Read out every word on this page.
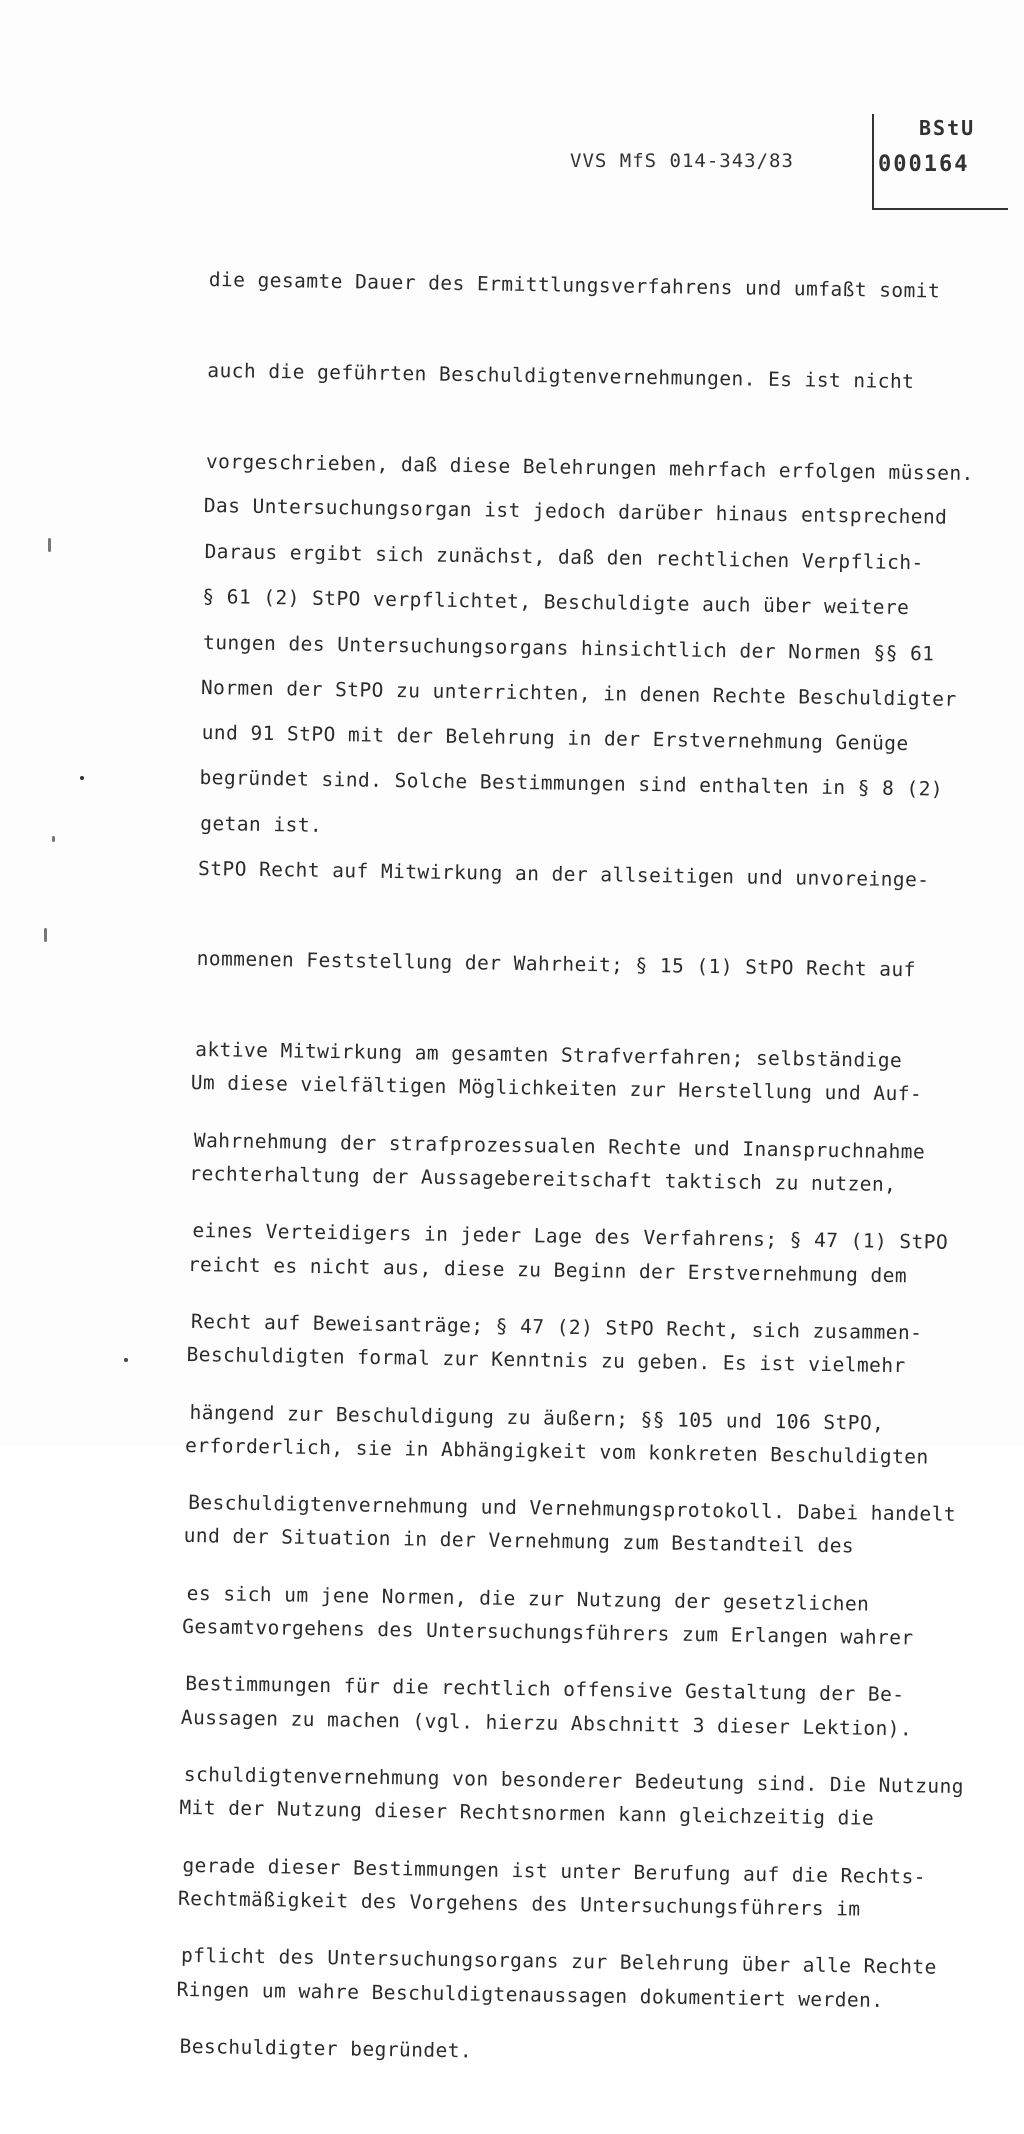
VVS MfS 014-343/83
BStU
000164

die gesamte Dauer des Ermittlungsverfahrens und umfaßt somit

auch die geführten Beschuldigtenvernehmungen. Es ist nicht

vorgeschrieben, daß diese Belehrungen mehrfach erfolgen müssen.

Daraus ergibt sich zunächst, daß den rechtlichen Verpflich-

tungen des Untersuchungsorgans hinsichtlich der Normen §§ 61

und 91 StPO mit der Belehrung in der Erstvernehmung Genüge

getan ist.

Das Untersuchungsorgan ist jedoch darüber hinaus entsprechend

§ 61 (2) StPO verpflichtet, Beschuldigte auch über weitere

Normen der StPO zu unterrichten, in denen Rechte Beschuldigter

begründet sind. Solche Bestimmungen sind enthalten in § 8 (2)

StPO Recht auf Mitwirkung an der allseitigen und unvoreinge-

nommenen Feststellung der Wahrheit; § 15 (1) StPO Recht auf

aktive Mitwirkung am gesamten Strafverfahren; selbständige

Wahrnehmung der strafprozessualen Rechte und Inanspruchnahme

eines Verteidigers in jeder Lage des Verfahrens; § 47 (1) StPO

Recht auf Beweisanträge; § 47 (2) StPO Recht, sich zusammen-

hängend zur Beschuldigung zu äußern; §§ 105 und 106 StPO,

Beschuldigtenvernehmung und Vernehmungsprotokoll. Dabei handelt

es sich um jene Normen, die zur Nutzung der gesetzlichen

Bestimmungen für die rechtlich offensive Gestaltung der Be-

schuldigtenvernehmung von besonderer Bedeutung sind. Die Nutzung

gerade dieser Bestimmungen ist unter Berufung auf die Rechts-

pflicht des Untersuchungsorgans zur Belehrung über alle Rechte

Beschuldigter begründet.

Um diese vielfältigen Möglichkeiten zur Herstellung und Auf-

rechterhaltung der Aussagebereitschaft taktisch zu nutzen,

reicht es nicht aus, diese zu Beginn der Erstvernehmung dem

Beschuldigten formal zur Kenntnis zu geben. Es ist vielmehr

erforderlich, sie in Abhängigkeit vom konkreten Beschuldigten

und der Situation in der Vernehmung zum Bestandteil des

Gesamtvorgehens des Untersuchungsführers zum Erlangen wahrer

Aussagen zu machen (vgl. hierzu Abschnitt 3 dieser Lektion).

Mit der Nutzung dieser Rechtsnormen kann gleichzeitig die

Rechtmäßigkeit des Vorgehens des Untersuchungsführers im

Ringen um wahre Beschuldigtenaussagen dokumentiert werden.
